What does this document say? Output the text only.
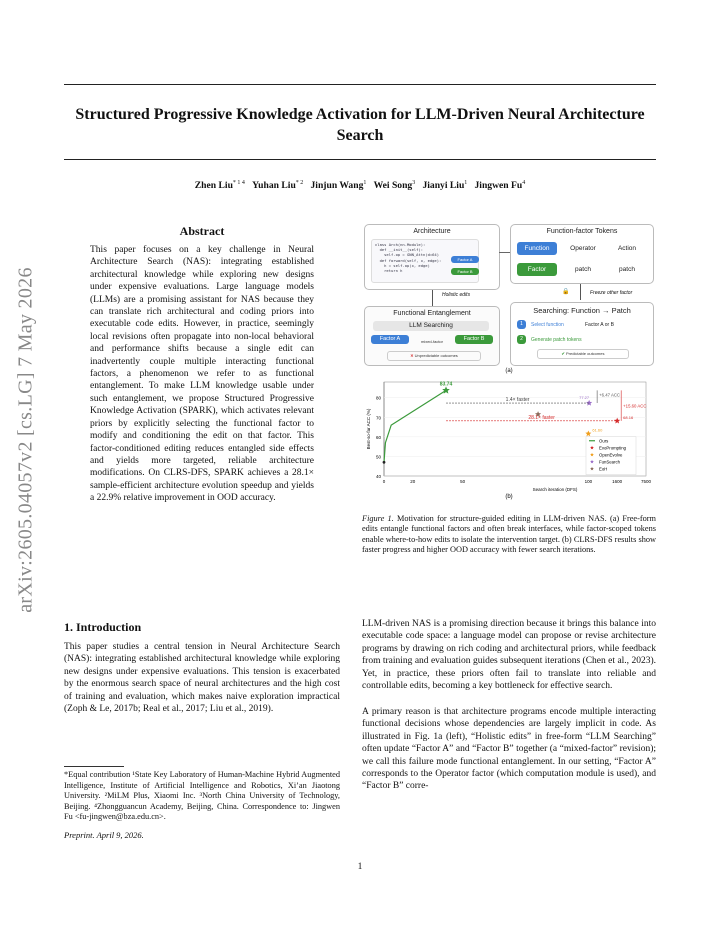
arXiv:2605.04057v2 [cs.LG] 7 May 2026
Structured Progressive Knowledge Activation for LLM-Driven Neural Architecture Search
Zhen Liu$^{* 1 4}$ Yuhan Liu$^{* 2}$ Jinjun Wang$^1$ Wei Song$^3$ Jianyi Liu$^1$ Jingwen Fu$^4$
Abstract
This paper focuses on a key challenge in Neural Architecture Search (NAS): integrating established architectural knowledge while exploring new designs under expensive evaluations. Large language models (LLMs) are a promising assistant for NAS because they can translate rich architectural and coding priors into executable code edits. However, in practice, seemingly local revisions often propagate into non-local behavioral and performance shifts because a single edit can inadvertently couple multiple interacting functional factors, a phenomenon we refer to as functional entanglement. To make LLM knowledge usable under such entanglement, we propose Structured Progressive Knowledge Activation (SPARK), which activates relevant priors by explicitly selecting the functional factor to modify and conditioning the edit on that factor. This factor-conditioned editing reduces entangled side effects and yields more targeted, reliable architecture modifications. On CLRS-DFS, SPARK achieves a 28.1× sample-efficient architecture evolution speedup and yields a 22.9% relative improvement in OOD accuracy.
1. Introduction
This paper studies a central tension in Neural Architecture Search (NAS): integrating established architectural knowledge while exploring new designs under expensive evaluations. This tension is exacerbated by the enormous search space of neural architectures and the high cost of training and evaluation, which makes naive exploration impractical (Zoph & Le, 2017b; Real et al., 2017; Liu et al., 2019).
*Equal contribution ¹State Key Laboratory of Human-Machine Hybrid Augmented Intelligence, Institute of Artificial Intelligence and Robotics, Xi’an Jiaotong University. ²MiLM Plus, Xiaomi Inc. ³North China University of Technology, Beijing. ⁴Zhongguancun Academy, Beijing, China. Correspondence to: Jingwen Fu <fu-jingwen@bza.edu.cn>.
Preprint. April 9, 2026.
LLM-driven NAS is a promising direction because it brings this balance into executable code space: a language model can propose or revise architecture programs by drawing on rich coding and architectural priors, while feedback from training and evaluation guides subsequent iterations (Chen et al., 2023). Yet, in practice, these priors often fail to translate into reliable and controllable edits, becoming a key bottleneck for effective search.
A primary reason is that architecture programs encode multiple interacting functional decisions whose dependencies are largely implicit in code. As illustrated in Fig. 1a (left), “Holistic edits” in free-form “LLM Searching” often update “Factor A” and “Factor B” together (a “mixed-factor” revision); we call this failure mode functional entanglement. In our setting, “Factor A” corresponds to the Operator factor (which computation module is used), and “Factor B” corre-
Architecture
class Arch(nn.Module):
def __init__(self):
self.op = GNN_Attn(d=64)
def forward(self, x, edge):
h = self.op(x, edge)
return h
Factor A
Factor B
Holistic edits
Functional Entanglement
LLM Searching
Factor A	Factor B
mixed-factor
✕ Unpredictable outcomes
Function-factor Tokens
Function	Operator	Action
Factor	patch	patch
🔒	Freeze other factor
Searching: Function → Patch
1	Select function	Factor A or B
2	Generate patch tokens
✔ Predictable outcomes
(a)
40
50
60
70
80
0	20	50	100	1600	7500
Best-so-far ACC (%)
Search iteration (DFS)
83.74
1.4× faster
28.1× faster
+6.47 ACC
+15.60 ACC
77.27
68.16
61.60
Ours
EvoPrompting
OpenEvolve
FunSearch
EoH
(b)
Figure 1. Motivation for structure-guided editing in LLM-driven NAS. (a) Free-form edits entangle functional factors and often break interfaces, while factor-scoped tokens enable where-to-how edits to isolate the intervention target. (b) CLRS-DFS results show faster progress and higher OOD accuracy with fewer search iterations.
1
